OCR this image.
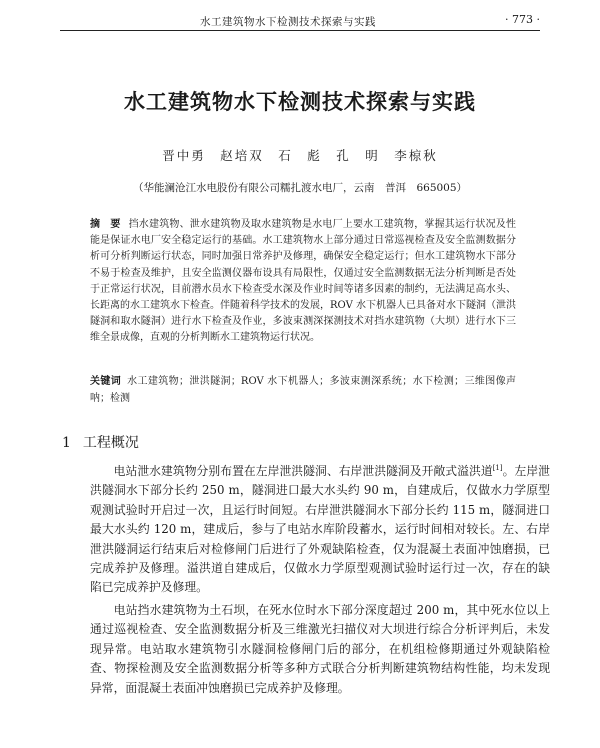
水工建筑物水下检测技术探索与实践	· 773 ·
水工建筑物水下检测技术探索与实践
晋中勇　赵培双　石　彪　孔　明　李椋秋
（华能澜沧江水电股份有限公司糯扎渡水电厂，云南　普洱　665005）
摘　要 挡水建筑物、泄水建筑物及取水建筑物是水电厂上要水工建筑物，掌握其运行状况及性能是保证水电厂安全稳定运行的基础。水工建筑物水上部分通过日常巡视检查及安全监测数据分析可分析判断运行状态，同时加强日常养护及修理，确保安全稳定运行；但水工建筑物水下部分不易于检查及维护，且安全监测仪器布设具有局限性，仅通过安全监测数据无法分析判断是否处于正常运行状况，目前潜水员水下检查受水深及作业时间等诸多因素的制约，无法满足高水头、长距离的水工建筑水下检查。伴随着科学技术的发展，ROV 水下机器人已具备对水下隧洞（泄洪隧洞和取水隧洞）进行水下检查及作业，多波束测深探测技术对挡水建筑物（大坝）进行水下三维全景成像，直观的分析判断水工建筑物运行状况。
关键词 水工建筑物；泄洪隧洞；ROV 水下机器人；多波束测深系统；水下检测；三维图像声呐；检测
1 工程概况
电站泄水建筑物分别布置在左岸泄洪隧洞、右岸泄洪隧洞及开敞式溢洪道[1]。左岸泄洪隧洞水下部分长约 250 m，隧洞进口最大水头约 90 m，自建成后，仅做水力学原型观测试验时开启过一次，且运行时间短。右岸泄洪隧洞水下部分长约 115 m，隧洞进口最大水头约 120 m，建成后，参与了电站水库阶段蓄水，运行时间相对较长。左、右岸泄洪隧洞运行结束后对检修闸门后进行了外观缺陷检查，仅为混凝土表面冲蚀磨损，已完成养护及修理。溢洪道自建成后，仅做水力学原型观测试验时运行过一次，存在的缺陷已完成养护及修理。
电站挡水建筑物为土石坝，在死水位时水下部分深度超过 200 m，其中死水位以上通过巡视检查、安全监测数据分析及三维激光扫描仪对大坝进行综合分析评判后，未发现异常。电站取水建筑物引水隧洞检修闸门后的部分，在机组检修期通过外观缺陷检查、物探检测及安全监测数据分析等多种方式联合分析判断建筑物结构性能，均未发现异常，面混凝土表面冲蚀磨损已完成养护及修理。
